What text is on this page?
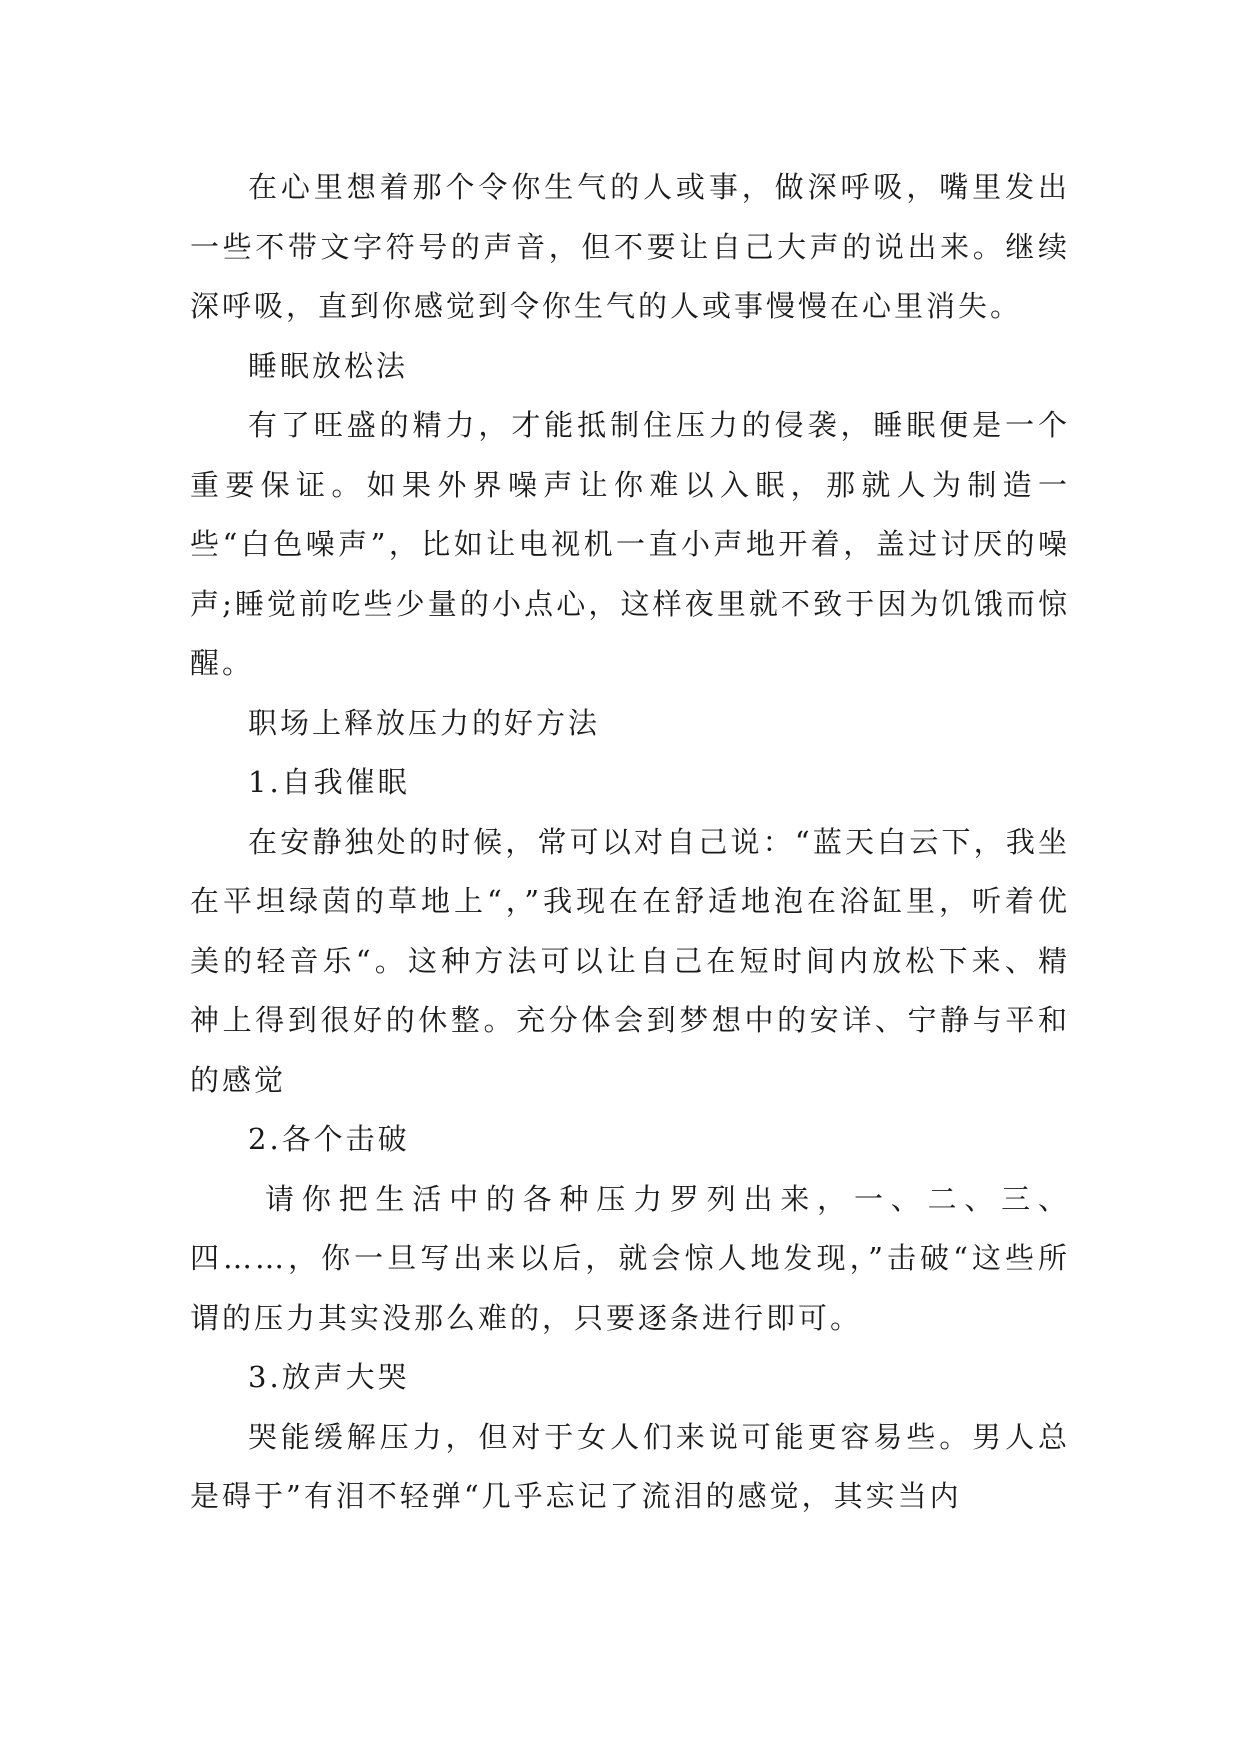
在心里想着那个令你生气的人或事，做深呼吸，嘴里发出一些不带文字符号的声音，但不要让自己大声的说出来。继续深呼吸，直到你感觉到令你生气的人或事慢慢在心里消失。

睡眠放松法

有了旺盛的精力，才能抵制住压力的侵袭，睡眠便是一个重要保证。如果外界噪声让你难以入眠，那就人为制造一些“白色噪声”，比如让电视机一直小声地开着，盖过讨厌的噪声;睡觉前吃些少量的小点心，这样夜里就不致于因为饥饿而惊醒。

职场上释放压力的好方法

1.自我催眠

在安静独处的时候，常可以对自己说：“蓝天白云下，我坐在平坦绿茵的草地上“，”我现在在舒适地泡在浴缸里，听着优美的轻音乐“。这种方法可以让自己在短时间内放松下来、精神上得到很好的休整。充分体会到梦想中的安详、宁静与平和的感觉

2.各个击破

请你把生活中的各种压力罗列出来，一、二、三、四……，你一旦写出来以后，就会惊人地发现，”击破“这些所谓的压力其实没那么难的，只要逐条进行即可。

3.放声大哭

哭能缓解压力，但对于女人们来说可能更容易些。男人总是碍于”有泪不轻弹“几乎忘记了流泪的感觉，其实当内
